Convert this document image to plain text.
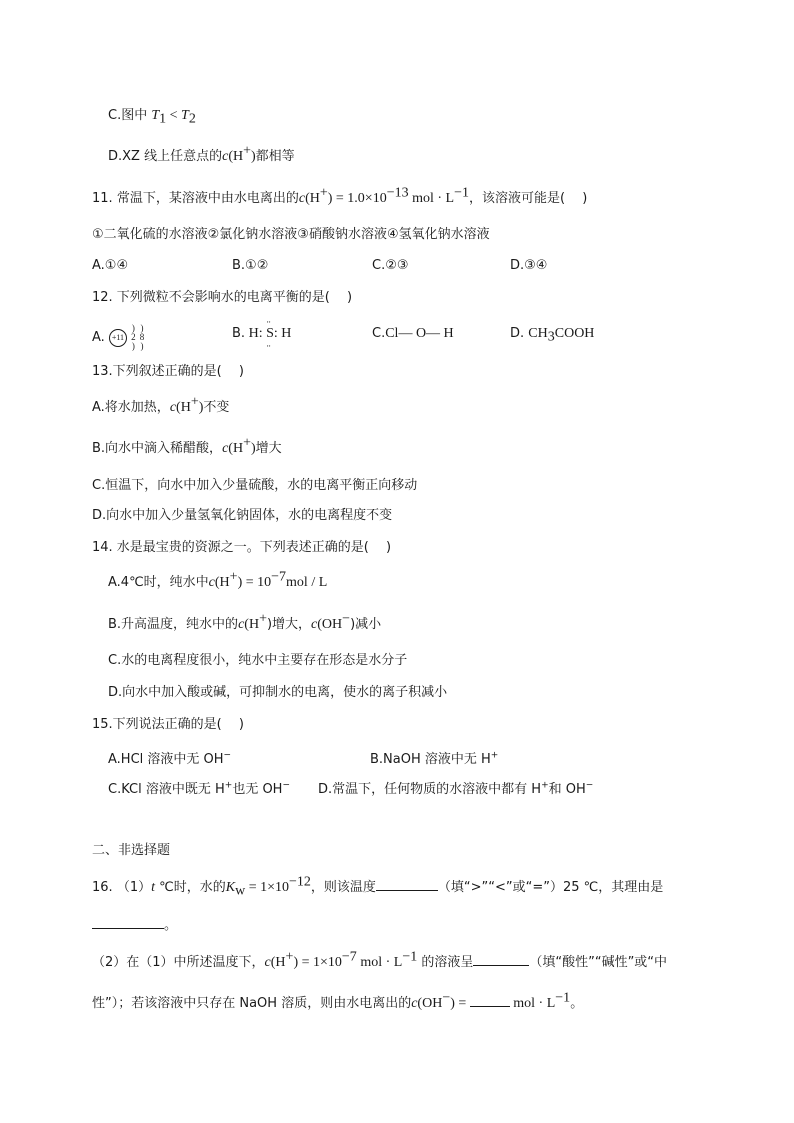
C.图中 $T_1 < T_2$
D.XZ 线上任意点的c(H+)都相等
11. 常温下，某溶液中由水电离出的$c(H^+) = 1.0\times 10^{-13}$ mol · $L^{-1}$，该溶液可能是(　 )
①二氧化硫的水溶液②氯化钠水溶液③硝酸钠水溶液④氢氧化钠水溶液
A.①④	B.①②	C.②③	D.③④
12. 下列微粒不会影响水的电离平衡的是(　 )
A. +11 )
2
) )
8
)
B. H: ·· S ··: H	C.Cl— O— H	D. $CH_3COOH$
13.下列叙述正确的是(　 )
A.将水加热，c(H+)不变
B.向水中滴入稀醋酸，c(H+)增大
C.恒温下，向水中加入少量硫酸，水的电离平衡正向移动
D.向水中加入少量氢氧化钠固体，水的电离程度不变
14. 水是最宝贵的资源之一。下列表述正确的是(　 )
A.4℃时，纯水中$c(H^+) = 10^{-7}mol / L$
B.升高温度，纯水中的c(H+)增大，c(OH−)减小
C.水的电离程度很小，纯水中主要存在形态是水分子
D.向水中加入酸或碱，可抑制水的电离，使水的离子积减小
15.下列说法正确的是(　 )
A.HCl 溶液中无 OH−	B.NaOH 溶液中无 H+
C.KCl 溶液中既无 H+也无 OH− D.常温下，任何物质的水溶液中都有 H+和 OH−
二、非选择题
16. （1）t ℃时，水的$K_w = 1\times 10^{-12}$，则该温度	（填“>”“<”或“=”）25 ℃，其理由是
。
（2）在（1）中所述温度下，$c(H^+) = 1\times 10^{-7}$ mol · $L^{-1}$ 的溶液呈	（填“酸性”“碱性”或“中
性”）；若该溶液中只存在 NaOH 溶质，则由水电离出的c(OH−) =	mol · $L^{-1}$。
